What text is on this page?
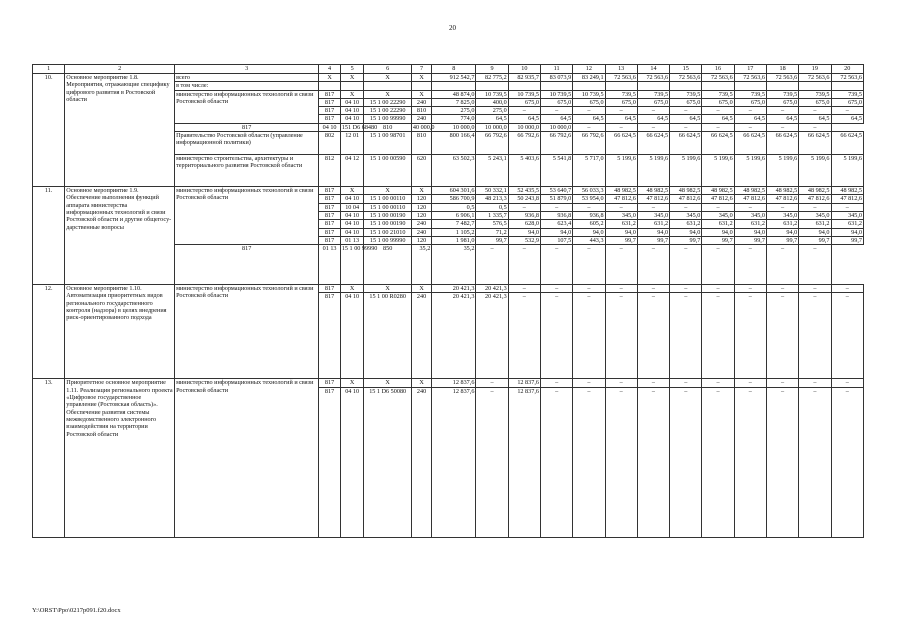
20
1	2	3	4	5	6	7	8	9	10	11	12	13	14	15	16	17	18	19	20
10.	Основное мероприятие 1.8. Мероприятия, отражающие специфику цифрового развития в Ростовской области	всего	Х	Х	Х	Х	912 542,7	82 775,2	82 935,7	83 073,9	83 249,1	72 563,6	72 563,6	72 563,6	72 563,6	72 563,6	72 563,6	72 563,6	72 563,6
		в том числе:																	
		министерство информационных технологий и связи Ростовской области	817	Х	Х	Х	48 874,0	10 739,5	10 739,5	10 739,5	10 739,5	739,5	739,5	739,5	739,5	739,5	739,5	739,5	739,5
			817	04 10	15 1 00 22290	240	7 825,0	400,0	675,0	675,0	675,0	675,0	675,0	675,0	675,0	675,0	675,0	675,0	675,0
			817	04 10	15 1 00 22290	810	275,0	275,0	–	–	–	–	–	–	–	–	–	–	–
			817	04 10	15 1 00 99990	240	774,0	64,5	64,5	64,5	64,5	64,5	64,5	64,5	64,5	64,5	64,5	64,5	64,5
		817	04 10	151 D6 68480	810	40 000,0	10 000,0	10 000,0	10 000,0	10 000,0	–	–	–	–	–	–	–	–	
		Правительство Ростовской области (управление информационной политики)	802	12 01	15 1 00 98701	810	800 166,4	66 792,6	66 792,6	66 792,6	66 792,6	66 624,5	66 624,5	66 624,5	66 624,5	66 624,5	66 624,5	66 624,5	66 624,5
		министерство строительства, архитектуры и территориального развития Ростовской области	812	04 12	15 1 00 00590	620	63 502,3	5 243,1	5 403,6	5 541,8	5 717,0	5 199,6	5 199,6	5 199,6	5 199,6	5 199,6	5 199,6	5 199,6	5 199,6
11.	Основное мероприятие 1.9. Обеспечение выполнения функций аппарата министерства информационных технологий и связи Ростовской области и другие общегосу-дарственные вопросы	министерство информационных технологий и связи Ростовской области	817	Х	Х	Х	604 301,6	50 332,1	52 435,5	53 640,7	56 033,3	48 982,5	48 982,5	48 982,5	48 982,5	48 982,5	48 982,5	48 982,5	48 982,5
			817	04 10	15 1 00 00110	120	586 700,9	48 213,3	50 243,8	51 879,0	53 954,0	47 812,6	47 812,6	47 812,6	47 812,6	47 812,6	47 812,6	47 812,6	47 812,6
			817	10 04	15 1 00 00110	120	0,5	0,5	–	–	–	–	–	–	–	–	–	–	–
			817	04 10	15 1 00 00190	120	6 906,1	1 335,7	936,8	936,8	936,8	345,0	345,0	345,0	345,0	345,0	345,0	345,0	345,0
			817	04 10	15 1 00 00190	240	7 482,7	576,5	628,0	623,4	605,2	631,2	631,2	631,2	631,2	631,2	631,2	631,2	631,2
			817	04 10	15 1 00 21010	240	1 105,2	71,2	94,0	94,0	94,0	94,0	94,0	94,0	94,0	94,0	94,0	94,0	94,0
			817	01 13	15 1 00 99990	120	1 981,0	99,7	532,9	107,5	443,3	99,7	99,7	99,7	99,7	99,7	99,7	99,7	99,7
		817	01 13	15 1 00 99990	850	35,2	35,2	–	–	–	–	–	–	–	–	–	–	–	
12.	Основное мероприятие 1.10. Автоматизация приоритетных видов регионального государственного контроля (надзора) в целях внедрения риск-ориентированного подхода	министерство информационных технологий и связи Ростовской области	817	Х	Х	Х	20 421,3	20 421,3	–	–	–	–	–	–	–	–	–	–	–
			817	04 10	15 1 00 R0280	240	20 421,3	20 421,3	–	–	–	–	–	–	–	–	–	–	–
13.	Приоритетное основное мероприятие 1.11. Реализация регионального проекта «Цифровое государственное управление (Ростовская область)». Обеспечение развития системы межведомственного электронного взаимодействия на территории Ростовской области	министерство информационных технологий и связи Ростовской области	817	Х	Х	Х	12 837,6	–	12 837,6	–	–	–	–	–	–	–	–	–	–
			817	04 10	15 1 D6 50080	240	12 837,6	–	12 837,6	–	–	–	–	–	–	–	–	–	–
Y:\ORST\Ppo\0217p091.f20.docx
